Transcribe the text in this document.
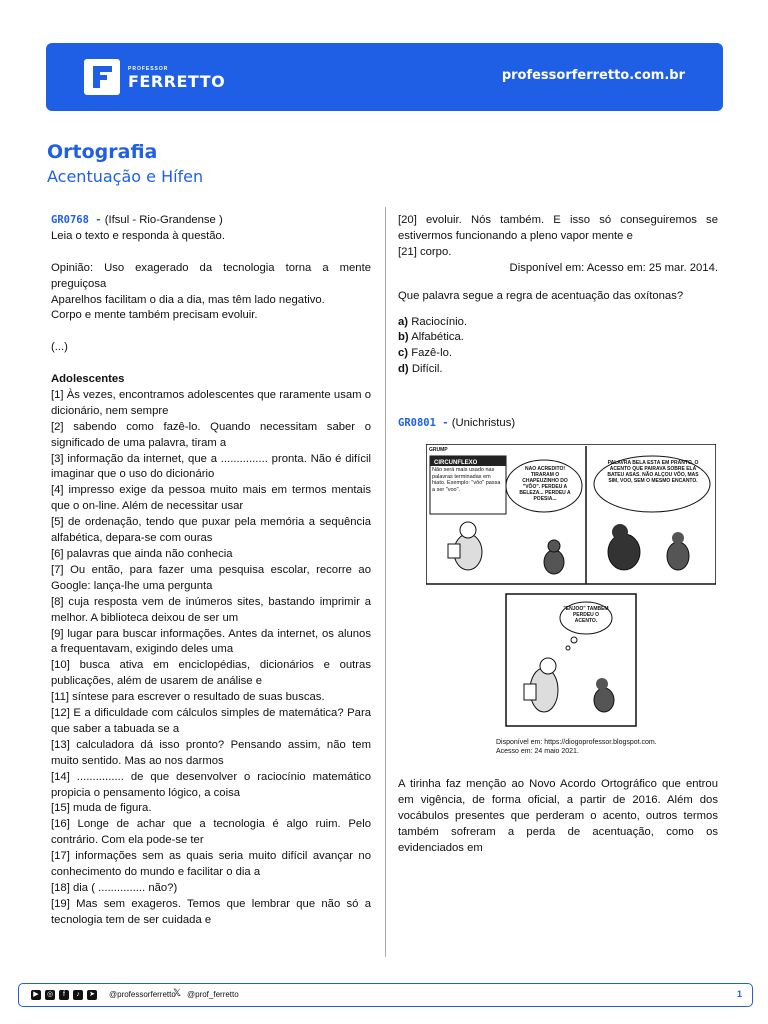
PROFESSOR
FERRETTO	professorferretto.com.br
Ortografia
Acentuação e Hífen

GR0768 - (Ifsul - Rio-Grandense )

Leia o texto e responda à questão.

Opinião: Uso exagerado da tecnologia torna a mente preguiçosa

Aparelhos facilitam o dia a dia, mas têm lado negativo.

Corpo e mente também precisam evoluir.

(...)

Adolescentes

[1] Às vezes, encontramos adolescentes que raramente usam o dicionário, nem sempre

[2] sabendo como fazê-lo. Quando necessitam saber o significado de uma palavra, tiram a

[3] informação da internet, que a ............... pronta. Não é difícil imaginar que o uso do dicionário

[4] impresso exige da pessoa muito mais em termos mentais que o on-line. Além de necessitar usar

[5] de ordenação, tendo que puxar pela memória a sequência alfabética, depara-se com ouras

[6] palavras que ainda não conhecia

[7] Ou então, para fazer uma pesquisa escolar, recorre ao Google: lança-lhe uma pergunta

[8] cuja resposta vem de inúmeros sites, bastando imprimir a melhor. A biblioteca deixou de ser um

[9] lugar para buscar informações. Antes da internet, os alunos a frequentavam, exigindo deles uma

[10] busca ativa em enciclopédias, dicionários e outras publicações, além de usarem de análise e

[11] síntese para escrever o resultado de suas buscas.

[12] E a dificuldade com cálculos simples de matemática? Para que saber a tabuada se a

[13] calculadora dá isso pronto? Pensando assim, não tem muito sentido. Mas ao nos darmos

[14] ............... de que desenvolver o raciocínio matemático propicia o pensamento lógico, a coisa

[15] muda de figura.

[16] Longe de achar que a tecnologia é algo ruim. Pelo contrário. Com ela pode-se ter

[17] informações sem as quais seria muito difícil avançar no conhecimento do mundo e facilitar o dia a

[18] dia ( ............... não?)

[19] Mas sem exageros. Temos que lembrar que não só a tecnologia tem de ser cuidada e

[20] evoluir. Nós também. E isso só conseguiremos se estivermos funcionando a pleno vapor mente e

[21] corpo.

Disponível em: Acesso em: 25 mar. 2014.

Que palavra segue a regra de acentuação das oxítonas?

a) Raciocínio.

b) Alfabética.

c) Fazê-lo.

d) Difícil.

GR0801 - (Unichristus)

GRUMP
CIRCUNFLEXO
Não será mais usado nas palavras terminadas em hiato. Exemplo: "vôo" passa a ser "voo".
NÃO ACREDITO! TIRARAM O CHAPEUZINHO DO "VÔO". PERDEU A BELEZA... PERDEU A POESIA...
PALAVRA BELA ESTÁ EM PRANTO. O ACENTO QUE PAIRAVA SOBRE ELA BATEU ASAS. NÃO ALÇOU VÔO, MAS SIM, VOO, SEM O MESMO ENCANTO.
"ENJOO" TAMBÉM PERDEU O ACENTO.
Disponível em: https://diogoprofessor.blogspot.com.
Acesso em: 24 maio 2021.
A tirinha faz menção ao Novo Acordo Ortográfico que entrou em vigência, de forma oficial, a partir de 2016. Além dos vocábulos presentes que perderam o acento, outros termos também sofreram a perda de acentuação, como os evidenciados em
▶	◎	f	♪	➤ @professorferretto
𝕏 @prof_ferretto	1
